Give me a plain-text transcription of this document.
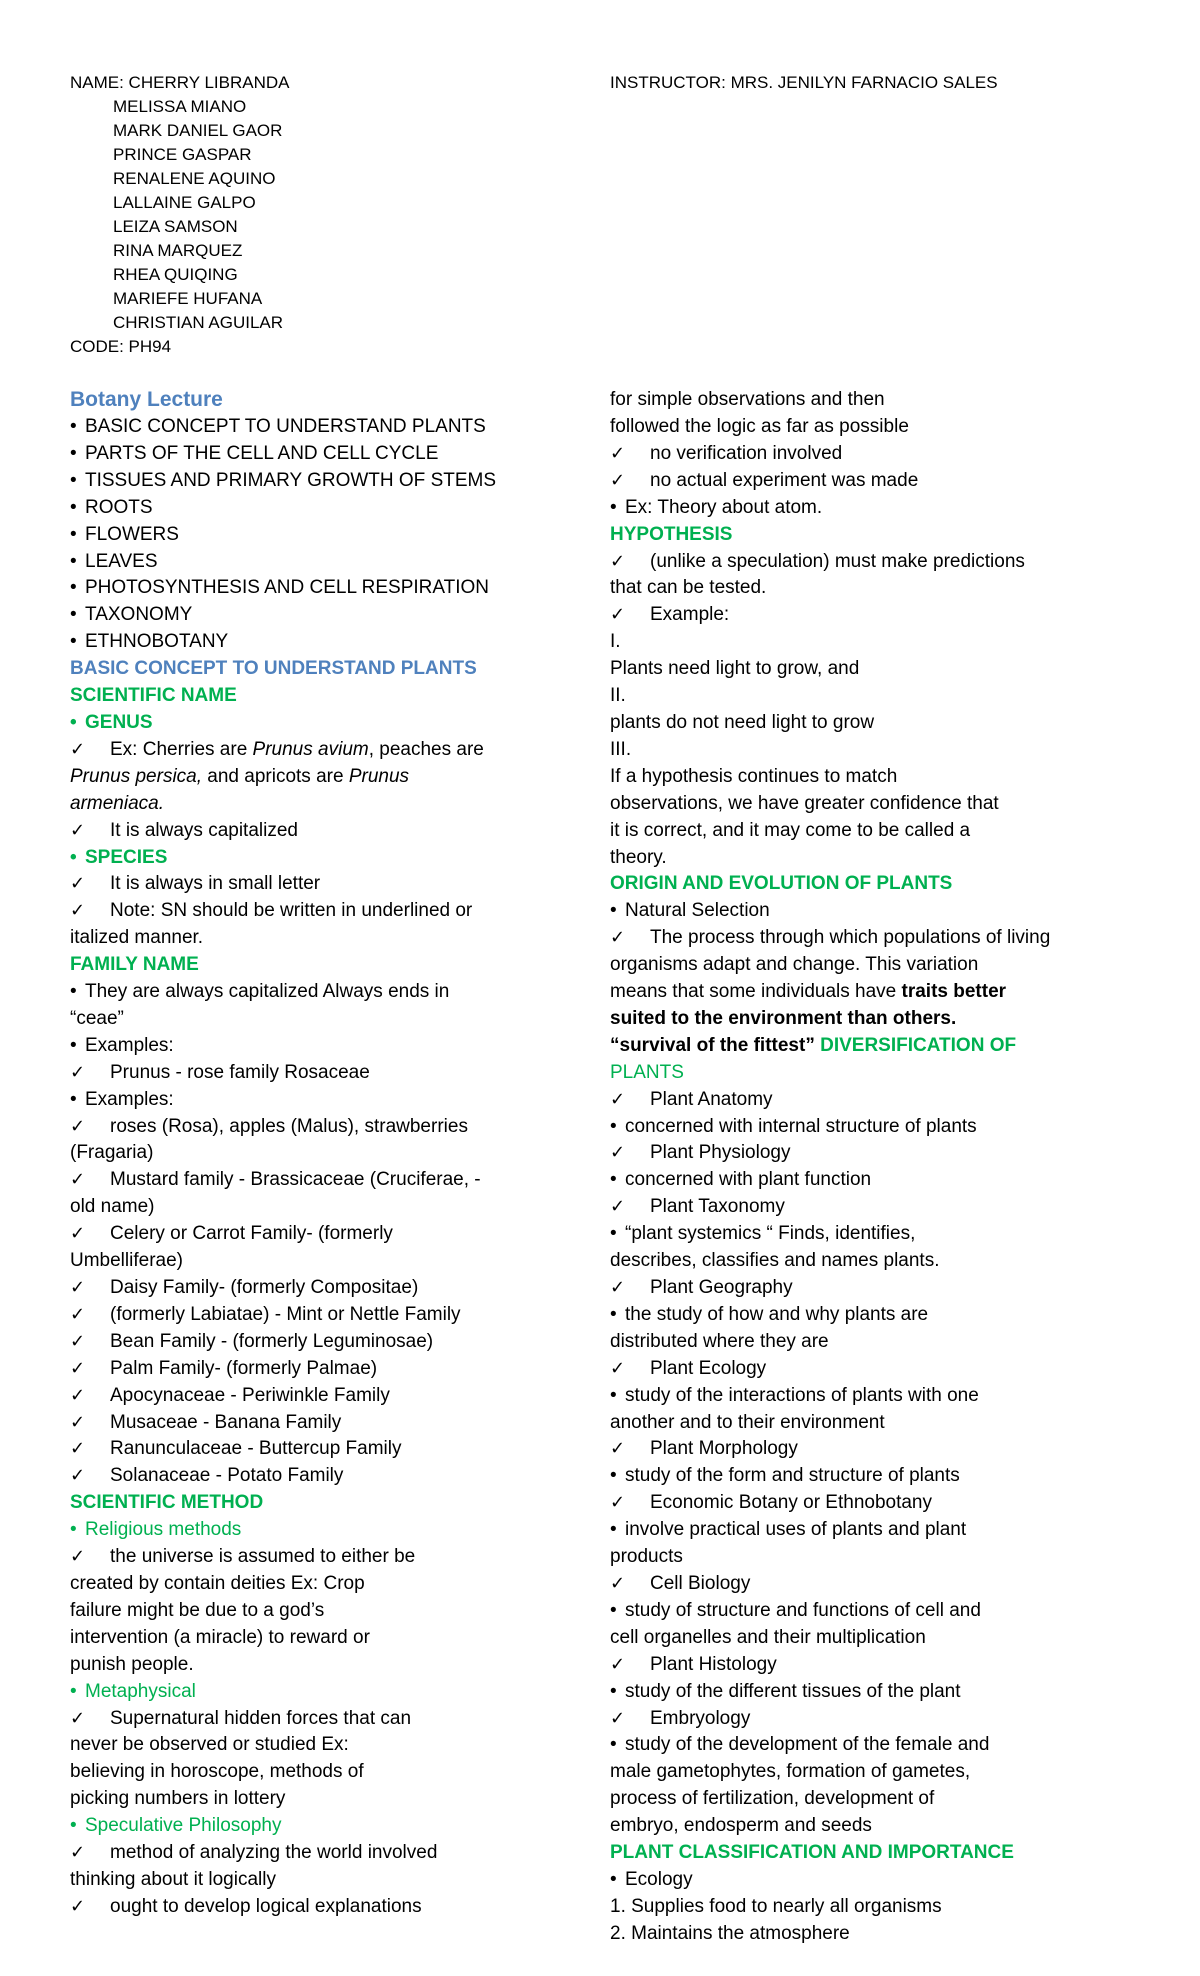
NAME: CHERRY LIBRANDA
MELISSA MIANO
MARK DANIEL GAOR
PRINCE GASPAR
RENALENE AQUINO
LALLAINE GALPO
LEIZA SAMSON
RINA MARQUEZ
RHEA QUIQING
MARIEFE HUFANA
CHRISTIAN AGUILAR
CODE: PH94
INSTRUCTOR: MRS. JENILYN FARNACIO SALES
Botany Lecture
• BASIC CONCEPT TO UNDERSTAND PLANTS
• PARTS OF THE CELL AND CELL CYCLE
• TISSUES AND PRIMARY GROWTH OF STEMS
• ROOTS
• FLOWERS
• LEAVES
• PHOTOSYNTHESIS AND CELL RESPIRATION
• TAXONOMY
• ETHNOBOTANY
BASIC CONCEPT TO UNDERSTAND PLANTS
SCIENTIFIC NAME
• GENUS
✓ Ex: Cherries are Prunus avium, peaches are
Prunus persica, and apricots are Prunus
armeniaca.
✓ It is always capitalized
• SPECIES
✓ It is always in small letter
✓ Note: SN should be written in underlined or
italized manner.
FAMILY NAME
• They are always capitalized Always ends in
“ceae”
• Examples:
✓ Prunus - rose family Rosaceae
• Examples:
✓ roses (Rosa), apples (Malus), strawberries
(Fragaria)
✓ Mustard family - Brassicaceae (Cruciferae, -
old name)
✓ Celery or Carrot Family- (formerly
Umbelliferae)
✓ Daisy Family- (formerly Compositae)
✓ (formerly Labiatae) - Mint or Nettle Family
✓ Bean Family - (formerly Leguminosae)
✓ Palm Family- (formerly Palmae)
✓ Apocynaceae - Periwinkle Family
✓ Musaceae - Banana Family
✓ Ranunculaceae - Buttercup Family
✓ Solanaceae - Potato Family
SCIENTIFIC METHOD
• Religious methods
✓ the universe is assumed to either be
created by contain deities Ex: Crop
failure might be due to a god’s
intervention (a miracle) to reward or
punish people.
• Metaphysical
✓ Supernatural hidden forces that can
never be observed or studied Ex:
believing in horoscope, methods of
picking numbers in lottery
• Speculative Philosophy
✓ method of analyzing the world involved
thinking about it logically
✓ ought to develop logical explanations
for simple observations and then
followed the logic as far as possible
✓ no verification involved
✓ no actual experiment was made
• Ex: Theory about atom.
HYPOTHESIS
✓ (unlike a speculation) must make predictions
that can be tested.
✓ Example:
I.
Plants need light to grow, and
II.
plants do not need light to grow
III.
If a hypothesis continues to match
observations, we have greater confidence that
it is correct, and it may come to be called a
theory.
ORIGIN AND EVOLUTION OF PLANTS
• Natural Selection
✓ The process through which populations of living
organisms adapt and change. This variation
means that some individuals have traits better
suited to the environment than others.
“survival of the fittest” DIVERSIFICATION OF PLANTS
✓ Plant Anatomy
• concerned with internal structure of plants
✓ Plant Physiology
• concerned with plant function
✓ Plant Taxonomy
• “plant systemics “ Finds, identifies,
describes, classifies and names plants.
✓ Plant Geography
• the study of how and why plants are
distributed where they are
✓ Plant Ecology
• study of the interactions of plants with one
another and to their environment
✓ Plant Morphology
• study of the form and structure of plants
✓ Economic Botany or Ethnobotany
• involve practical uses of plants and plant
products
✓ Cell Biology
• study of structure and functions of cell and
cell organelles and their multiplication
✓ Plant Histology
• study of the different tissues of the plant
✓ Embryology
• study of the development of the female and
male gametophytes, formation of gametes,
process of fertilization, development of
embryo, endosperm and seeds
PLANT CLASSIFICATION AND IMPORTANCE
• Ecology
1. Supplies food to nearly all organisms
2. Maintains the atmosphere
